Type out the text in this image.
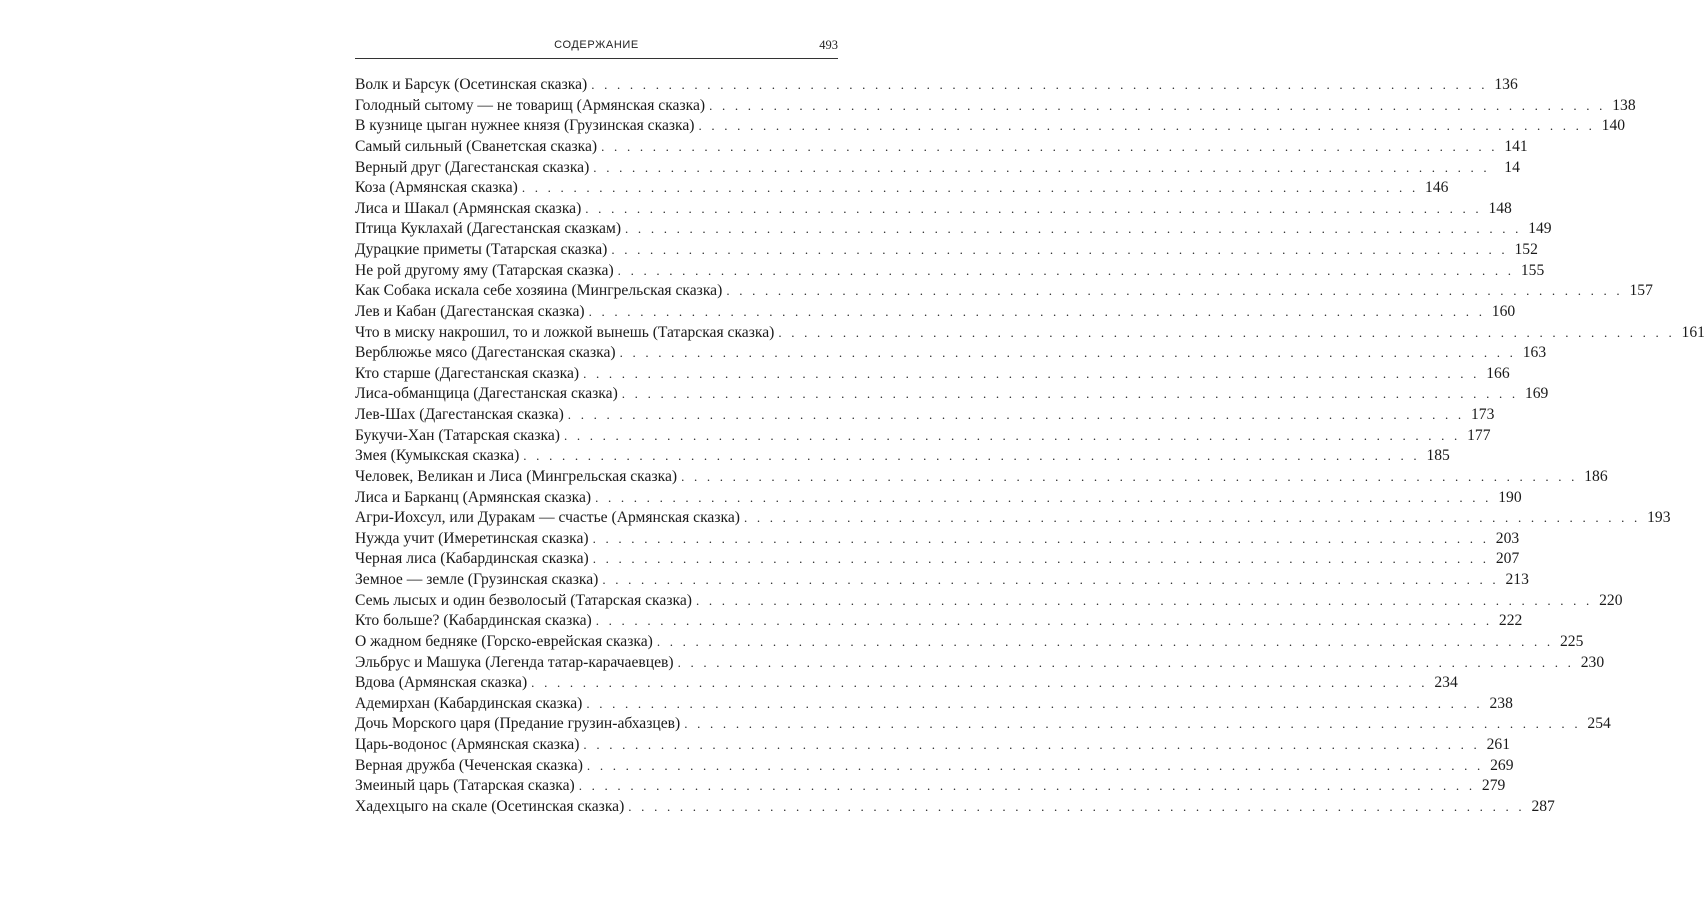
СОДЕРЖАНИЕ	493
Волк и Барсук (Осетинская сказка) . . .	136
Голодный сытому — не товарищ (Армянская сказка) . . .	138
В кузнице цыган нужнее князя (Грузинская сказка) . . .	140
Самый сильный (Сванетская сказка) . . .	141
Верный друг (Дагестанская сказка) . . .	14
Коза (Армянская сказка) . . .	146
Лиса и Шакал (Армянская сказка) . . .	148
Птица Куклахай (Дагестанская сказкам) . . .	149
Дурацкие приметы (Татарская сказка) . . .	152
Не рой другому яму (Татарская сказка) . . .	155
Как Собака искала себе хозяина (Мингрельская сказка) . . .	157
Лев и Кабан (Дагестанская сказка) . . .	160
Что в миску накрошил, то и ложкой вынешь (Татарская сказка) . . .	161
Верблюжье мясо (Дагестанская сказка) . . .	163
Кто старше (Дагестанская сказка) . . .	166
Лиса-обманщица (Дагестанская сказка) . . .	169
Лев-Шах (Дагестанская сказка) . . .	173
Букучи-Хан (Татарская сказка) . . .	177
Змея (Кумыкская сказка) . . .	185
Человек, Великан и Лиса (Мингрельская сказка) . . .	186
Лиса и Барканц (Армянская сказка) . . .	190
Агри-Иохсул, или Дуракам — счастье (Армянская сказка) . . .	193
Нужда учит (Имеретинская сказка) . . .	203
Черная лиса (Кабардинская сказка) . . .	207
Земное — земле (Грузинская сказка) . . .	213
Семь лысых и один безволосый (Татарская сказка) . . .	220
Кто больше? (Кабардинская сказка) . . .	222
О жадном бедняке (Горско-еврейская сказка) . . .	225
Эльбрус и Машука (Легенда татар-карачаевцев) . . .	230
Вдова (Армянская сказка) . . .	234
Адемирхан (Кабардинская сказка) . . .	238
Дочь Морского царя (Предание грузин-абхазцев) . . .	254
Царь-водонос (Армянская сказка) . . .	261
Верная дружба (Чеченская сказка) . . .	269
Змеиный царь (Татарская сказка) . . .	279
Хадехцыго на скале (Осетинская сказка) . . .	287
